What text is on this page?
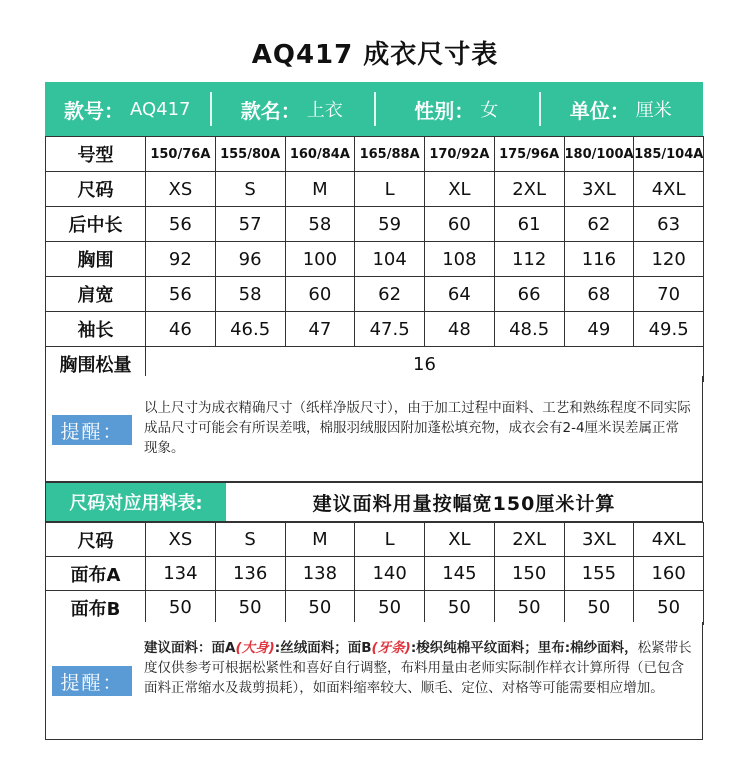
AQ417 成衣尺寸表
款号： AQ417	款名： 上衣	性别： 女	单位： 厘米
号型	150/76A	155/80A	160/84A	165/88A	170/92A	175/96A	180/100A	185/104A
尺码	XS	S	M	L	XL	2XL	3XL	4XL
后中长	56	57	58	59	60	61	62	63
胸围	92	96	100	104	108	112	116	120
肩宽	56	58	60	62	64	66	68	70
袖长	46	46.5	47	47.5	48	48.5	49	49.5
胸围松量	16							
提醒：
以上尺寸为成衣精确尺寸（纸样净版尺寸），由于加工过程中面料、工艺和熟练程度不同实际成品尺寸可能会有所误差哦，棉服羽绒服因附加蓬松填充物，成衣会有2-4厘米误差属正常现象。
尺码对应用料表:	建议面料用量按幅宽150厘米计算
尺码	XS	S	M	L	XL	2XL	3XL	4XL
面布A	134	136	138	140	145	150	155	160
面布B	50	50	50	50	50	50	50	50
提醒：
建议面料：面A(大身):丝绒面料；面B(牙条):梭织纯棉平纹面料；里布:棉纱面料，松紧带长度仅供参考可根据松紧性和喜好自行调整，布料用量由老师实际制作样衣计算所得（已包含面料正常缩水及裁剪损耗），如面料缩率较大、顺毛、定位、对格等可能需要相应增加。
